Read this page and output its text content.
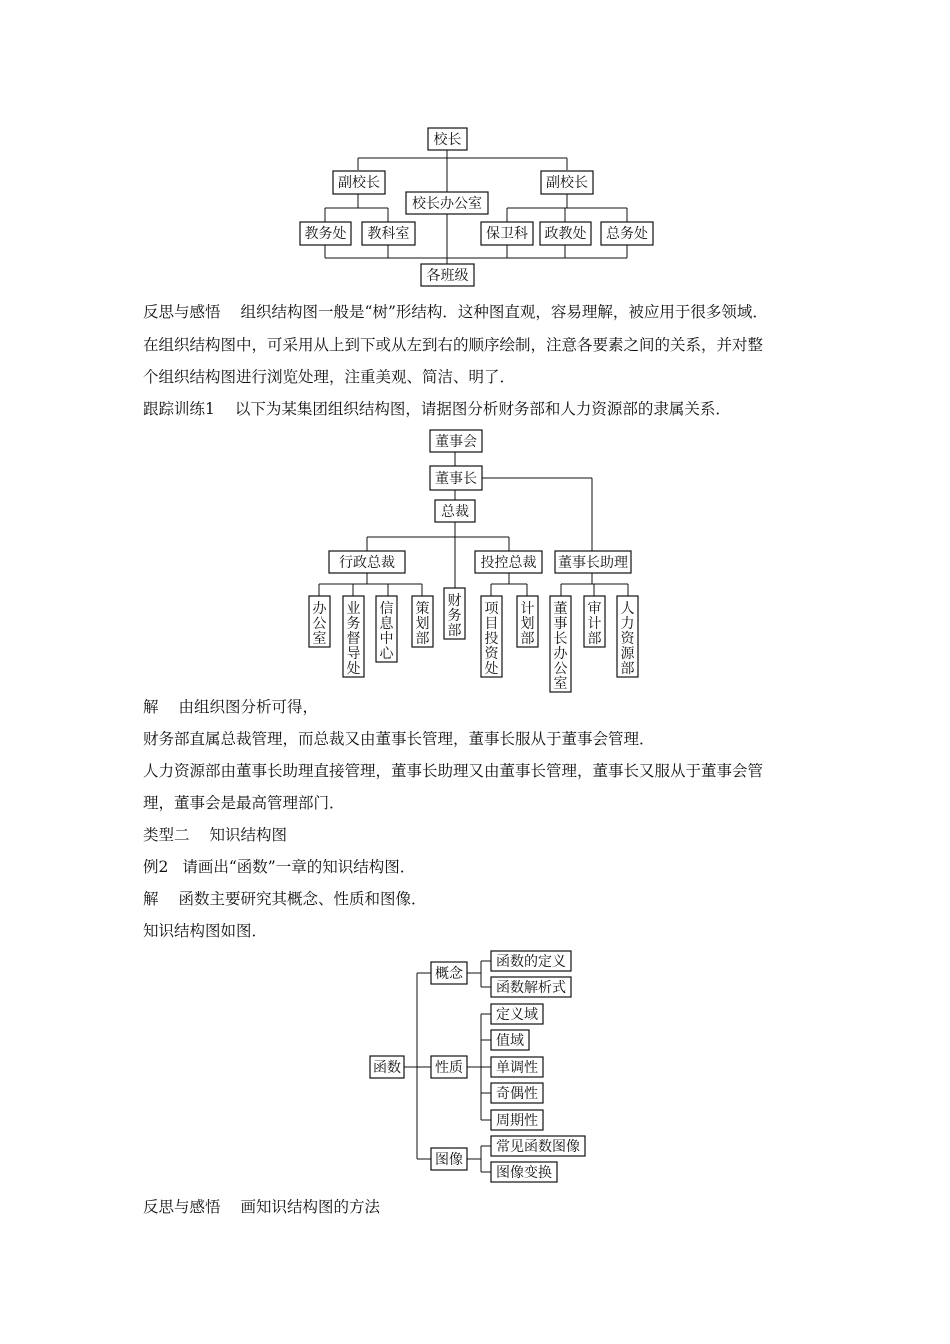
校长
副校长	副校长
校长办公室
教务处 教科室	保卫科 政教处 总务处
各班级
董事会
董事长
总裁
行政总裁	投控总裁 董事长助理
办
公
室
业
务
督
导
处
信
息
中
心
策
划
部
财
务
部
项
目
投
资
处
计
划
部
董
事
长
办
公
室
审
计
部
人
力
资
源
部
函数
概念
性质
图像
函数的定义
函数解析式
定义域
值域
单调性
奇偶性
周期性
常见函数图像
图像变换
反思与感悟 组织结构图一般是“树”形结构．这种图直观，容易理解，被应用于很多领域．
在组织结构图中，可采用从上到下或从左到右的顺序绘制，注意各要素之间的关系，并对整
个组织结构图进行浏览处理，注重美观、简洁、明了．
跟踪训练1 以下为某集团组织结构图，请据图分析财务部和人力资源部的隶属关系．
解 由组织图分析可得，
财务部直属总裁管理，而总裁又由董事长管理，董事长服从于董事会管理．
人力资源部由董事长助理直接管理，董事长助理又由董事长管理，董事长又服从于董事会管
理，董事会是最高管理部门．
类型二 知识结构图
例2 请画出“函数”一章的知识结构图．
解 函数主要研究其概念、性质和图像．
知识结构图如图．
反思与感悟 画知识结构图的方法
